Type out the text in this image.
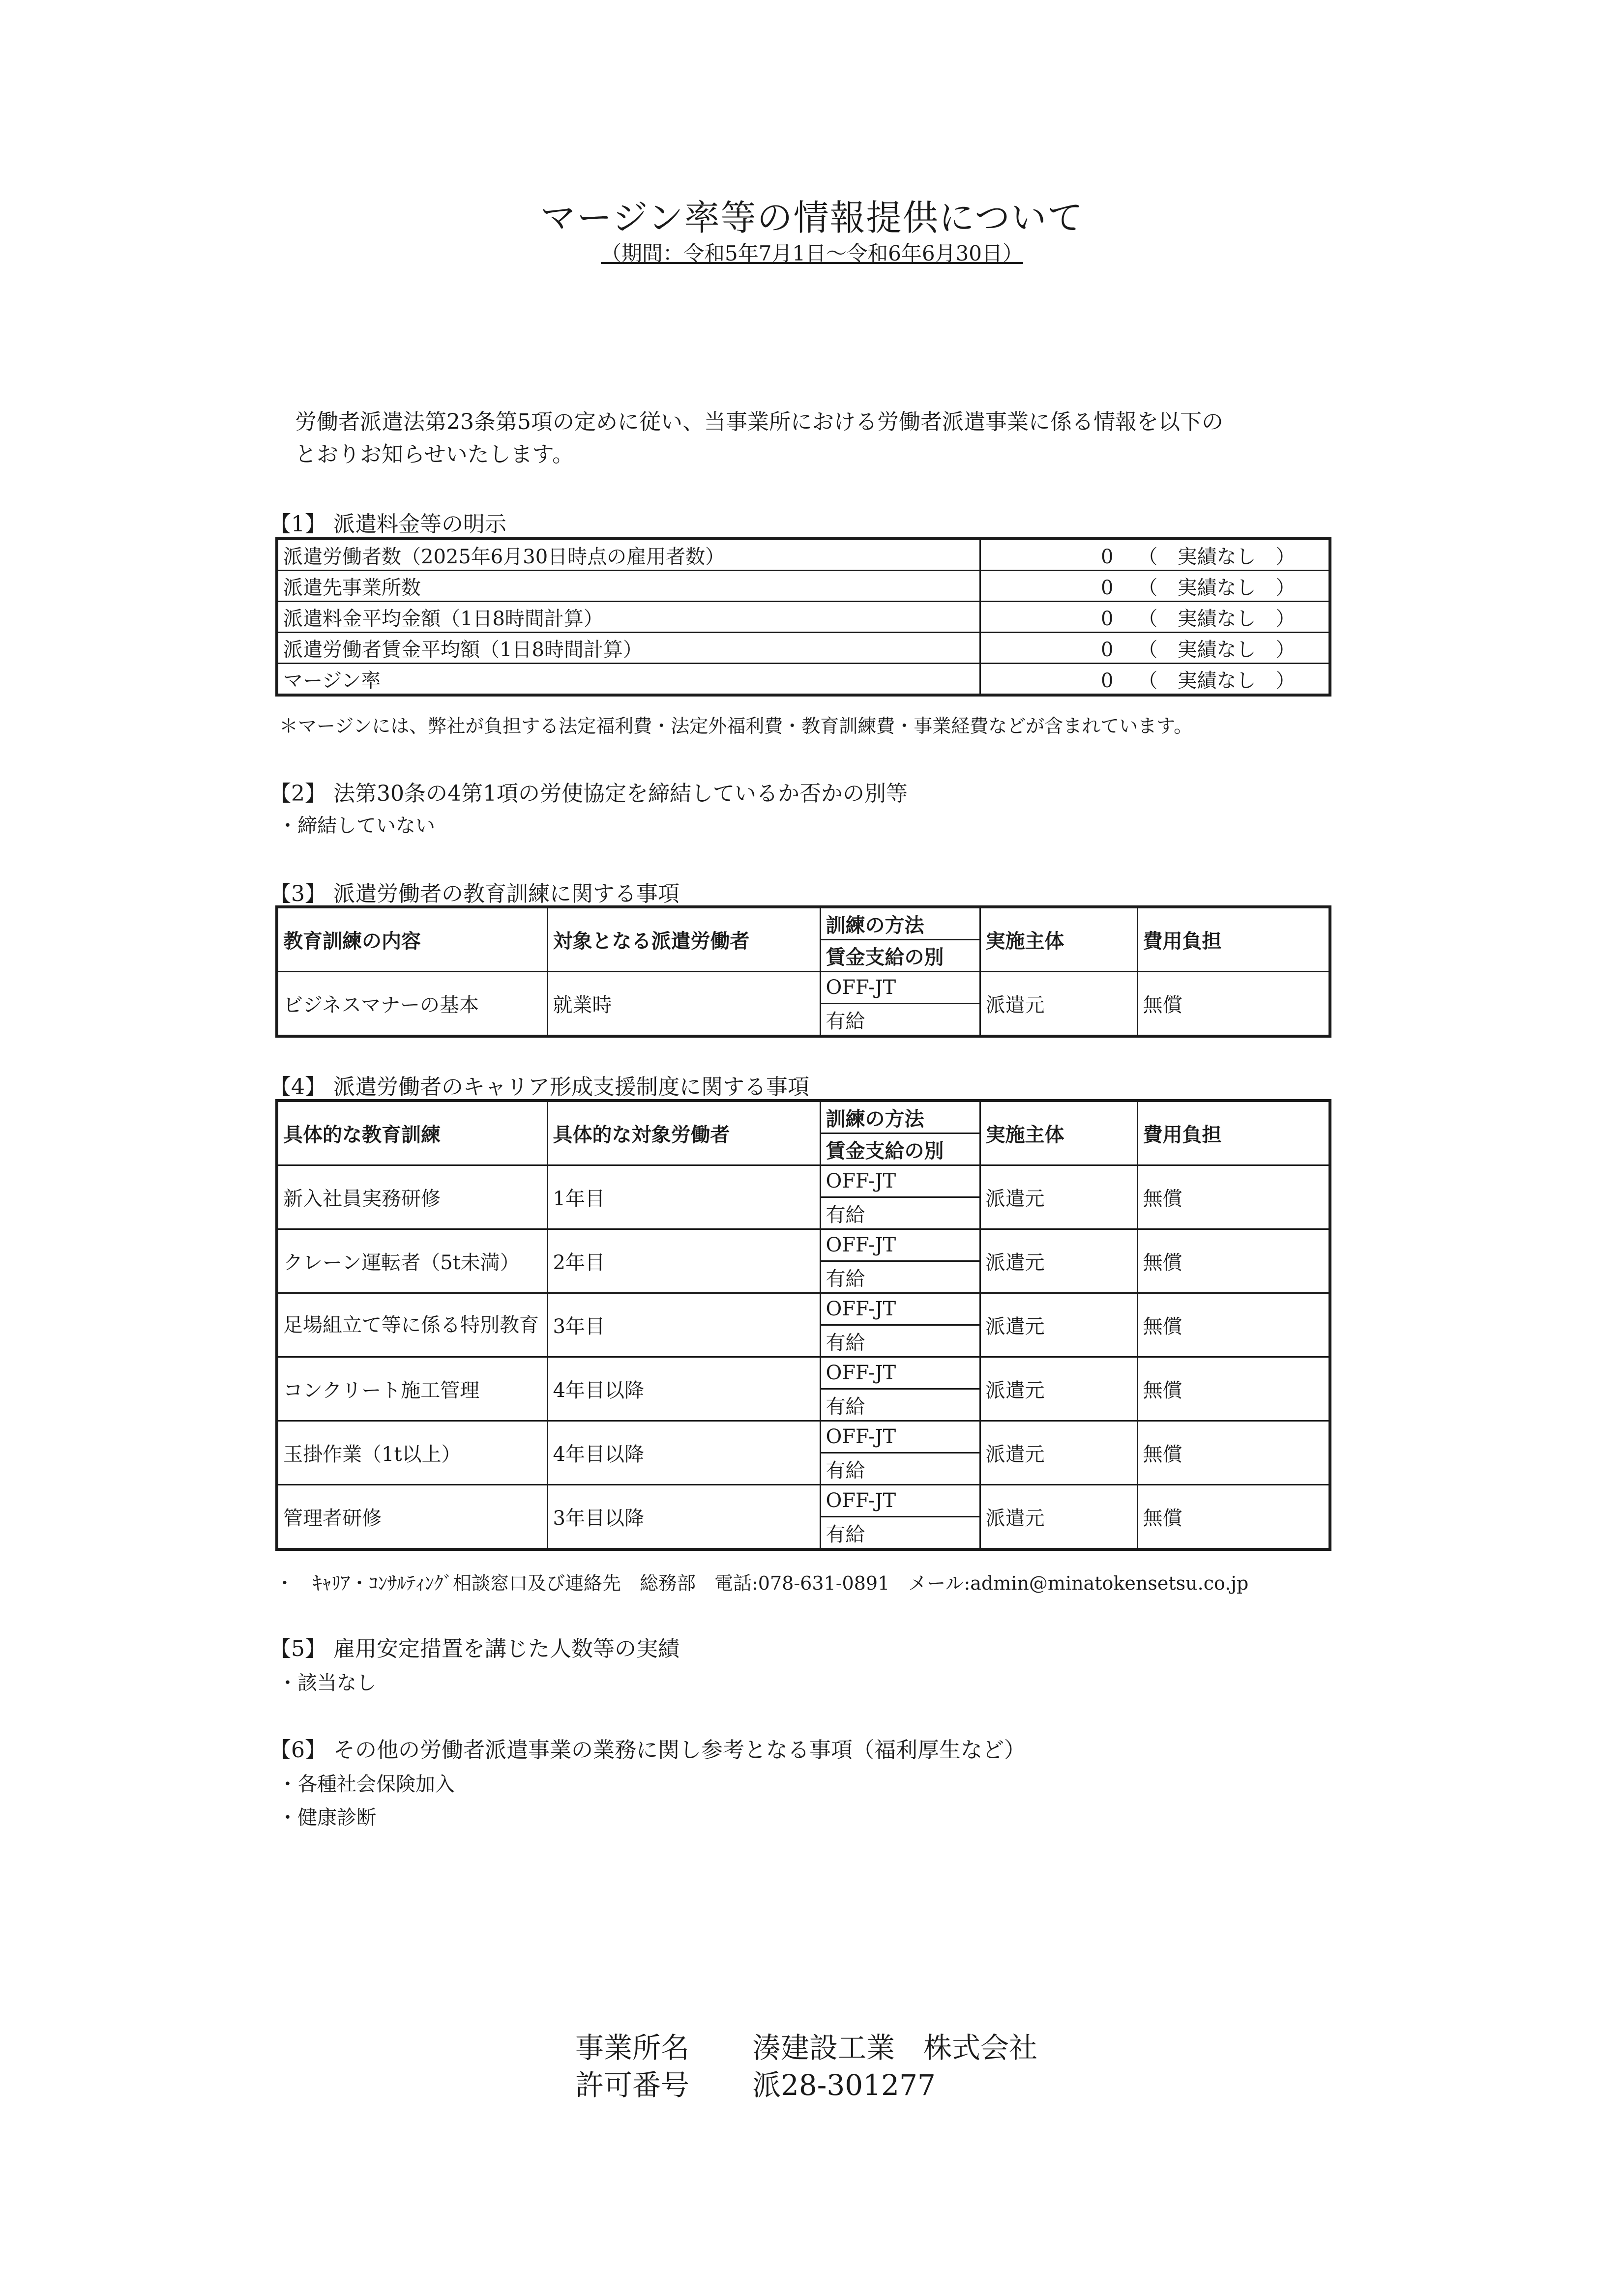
マージン率等の情報提供について
（期間：令和5年7月1日～令和6年6月30日）
労働者派遣法第23条第5項の定めに従い、当事業所における労働者派遣事業に係る情報を以下の
とおりお知らせいたします。
【1】 派遣料金等の明示
派遣労働者数（2025年6月30日時点の雇用者数）	0 （　実績なし　）
派遣先事業所数	0 （　実績なし　）
派遣料金平均金額（1日8時間計算）	0 （　実績なし　）
派遣労働者賃金平均額（1日8時間計算）	0 （　実績なし　）
マージン率	0 （　実績なし　）
＊マージンには、弊社が負担する法定福利費・法定外福利費・教育訓練費・事業経費などが含まれています。
【2】 法第30条の4第1項の労使協定を締結しているか否かの別等
・締結していない
【3】 派遣労働者の教育訓練に関する事項
教育訓練の内容	対象となる派遣労働者	訓練の方法	実施主体	費用負担
		賃金支給の別		
ビジネスマナーの基本	就業時	OFF-JT	派遣元	無償
		有給		
【4】 派遣労働者のキャリア形成支援制度に関する事項
具体的な教育訓練	具体的な対象労働者	訓練の方法	実施主体	費用負担
		賃金支給の別		
新入社員実務研修	1年目	OFF-JT	派遣元	無償
		有給		
クレーン運転者（5t未満）	2年目	OFF-JT	派遣元	無償
		有給		
足場組立て等に係る特別教育	3年目	OFF-JT	派遣元	無償
		有給		
コンクリート施工管理	4年目以降	OFF-JT	派遣元	無償
		有給		
玉掛作業（1t以上）	4年目以降	OFF-JT	派遣元	無償
		有給		
管理者研修	3年目以降	OFF-JT	派遣元	無償
		有給		
・　ｷｬﾘｱ・ｺﾝｻﾙﾃｨﾝｸﾞ相談窓口及び連絡先　総務部　電話:078-631-0891　メール:admin@minatokensetsu.co.jp
【5】 雇用安定措置を講じた人数等の実績
・該当なし
【6】 その他の労働者派遣事業の業務に関し参考となる事項（福利厚生など）
・各種社会保険加入
・健康診断
事業所名 湊建設工業　株式会社
許可番号 派28-301277
